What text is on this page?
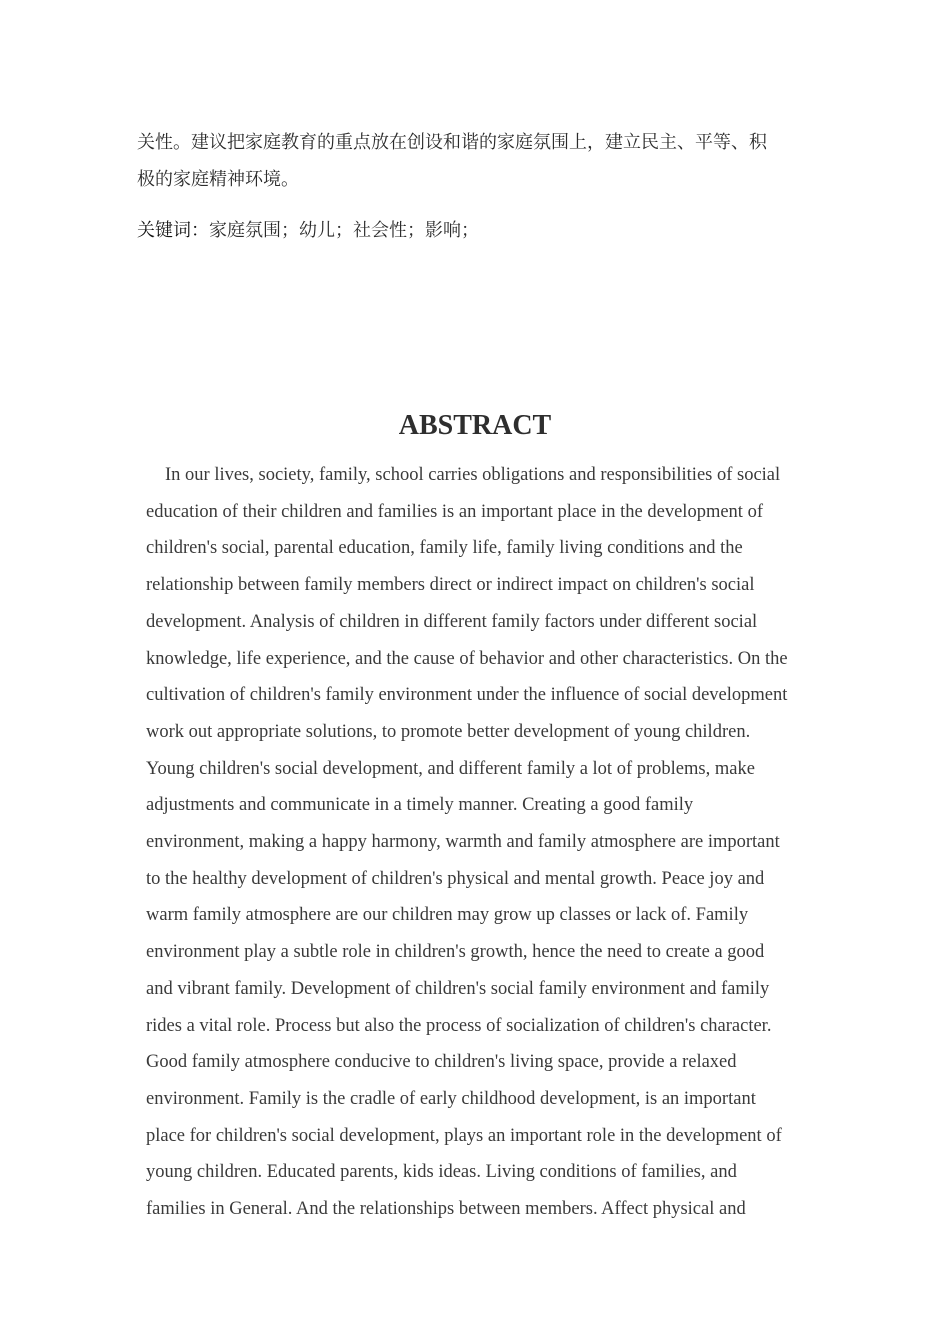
关性。建议把家庭教育的重点放在创设和谐的家庭氛围上，建立民主、平等、积
极的家庭精神环境。

关键词：家庭氛围；幼儿；社会性；影响；
ABSTRACT
In our lives, society, family, school carries obligations and responsibilities of social
education of their children and families is an important place in the development of
children's social, parental education, family life, family living conditions and the
relationship between family members direct or indirect impact on children's social
development. Analysis of children in different family factors under different social
knowledge, life experience, and the cause of behavior and other characteristics. On the
cultivation of children's family environment under the influence of social development
work out appropriate solutions, to promote better development of young children.
Young children's social development, and different family a lot of problems, make
adjustments and communicate in a timely manner. Creating a good family
environment, making a happy harmony, warmth and family atmosphere are important
to the healthy development of children's physical and mental growth. Peace joy and
warm family atmosphere are our children may grow up classes or lack of. Family
environment play a subtle role in children's growth, hence the need to create a good
and vibrant family. Development of children's social family environment and family
rides a vital role. Process but also the process of socialization of children's character.
Good family atmosphere conducive to children's living space, provide a relaxed
environment. Family is the cradle of early childhood development, is an important
place for children's social development, plays an important role in the development of
young children. Educated parents, kids ideas. Living conditions of families, and
families in General. And the relationships between members. Affect physical and
